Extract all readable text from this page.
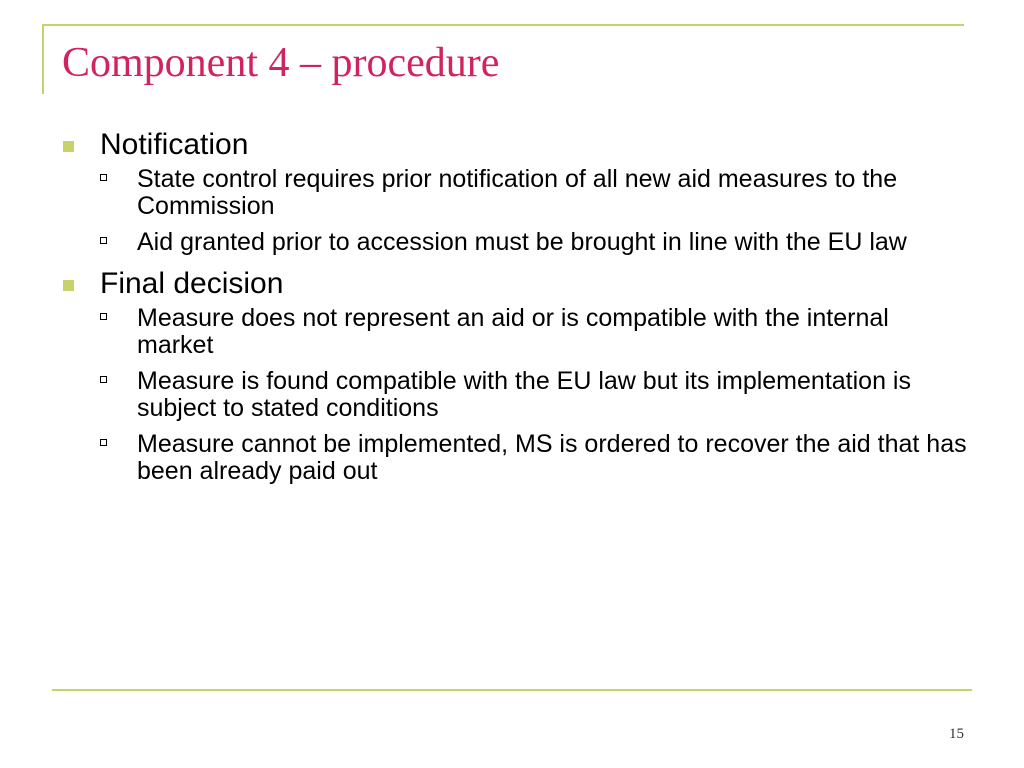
Component 4 – procedure
Notification
State control requires prior notification of all new aid measures to the Commission
Aid granted prior to accession must be brought in line with the EU law
Final decision
Measure does not represent an aid or is compatible with the internal market
Measure is found compatible with the EU law but its implementation is subject to stated conditions
Measure cannot be implemented, MS is ordered to recover the aid that has been already paid out
15
